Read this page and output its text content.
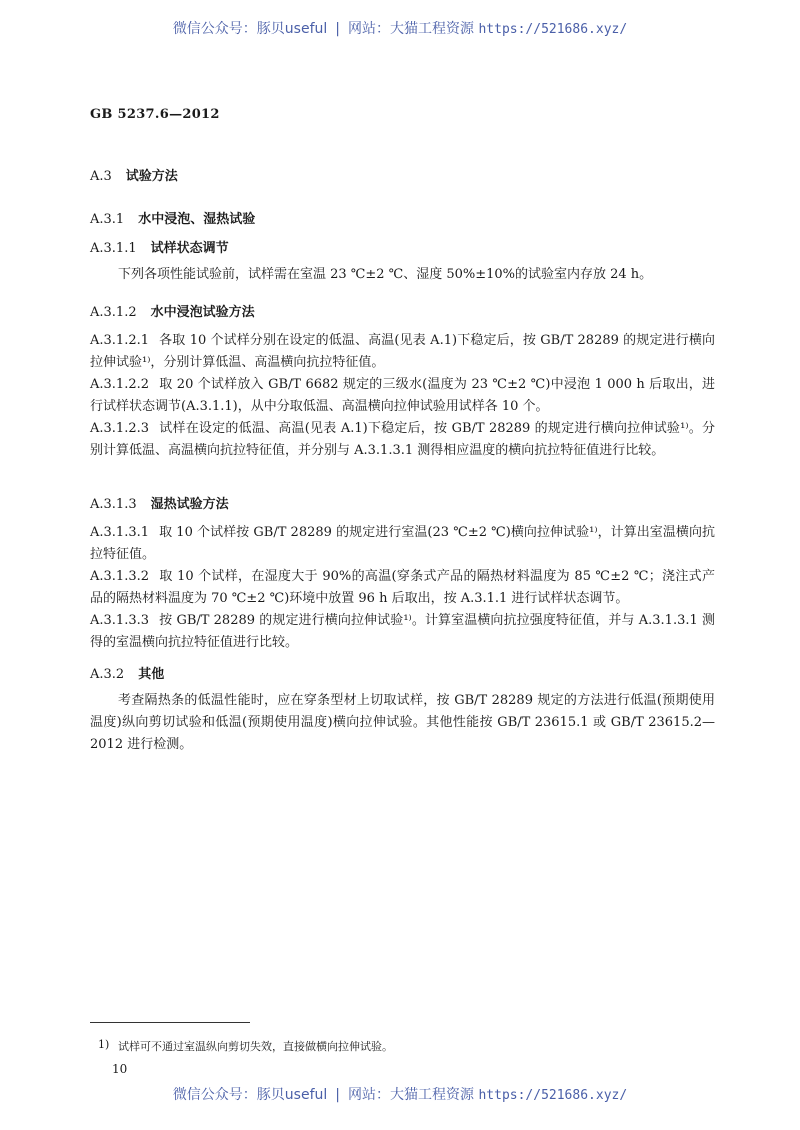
微信公众号：豚贝useful | 网站：大猫工程资源 https://521686.xyz/
GB 5237.6—2012
A.3 试验方法
A.3.1 水中浸泡、湿热试验
A.3.1.1 试样状态调节

下列各项性能试验前，试样需在室温 23 ℃±2 ℃、湿度 50%±10%的试验室内存放 24 h。

A.3.1.2 水中浸泡试验方法

A.3.1.2.1 各取 10 个试样分别在设定的低温、高温(见表 A.1)下稳定后，按 GB/T 28289 的规定进行横向拉伸试验¹⁾，分别计算低温、高温横向抗拉特征值。

A.3.1.2.2 取 20 个试样放入 GB/T 6682 规定的三级水(温度为 23 ℃±2 ℃)中浸泡 1 000 h 后取出，进行试样状态调节(A.3.1.1)，从中分取低温、高温横向拉伸试验用试样各 10 个。

A.3.1.2.3 试样在设定的低温、高温(见表 A.1)下稳定后，按 GB/T 28289 的规定进行横向拉伸试验¹⁾。分别计算低温、高温横向抗拉特征值，并分别与 A.3.1.3.1 测得相应温度的横向抗拉特征值进行比较。

A.3.1.3 湿热试验方法

A.3.1.3.1 取 10 个试样按 GB/T 28289 的规定进行室温(23 ℃±2 ℃)横向拉伸试验¹⁾，计算出室温横向抗拉特征值。

A.3.1.3.2 取 10 个试样，在湿度大于 90%的高温(穿条式产品的隔热材料温度为 85 ℃±2 ℃；浇注式产品的隔热材料温度为 70 ℃±2 ℃)环境中放置 96 h 后取出，按 A.3.1.1 进行试样状态调节。

A.3.1.3.3 按 GB/T 28289 的规定进行横向拉伸试验¹⁾。计算室温横向抗拉强度特征值，并与 A.3.1.3.1 测得的室温横向抗拉特征值进行比较。

A.3.2 其他

考查隔热条的低温性能时，应在穿条型材上切取试样，按 GB/T 28289 规定的方法进行低温(预期使用温度)纵向剪切试验和低温(预期使用温度)横向拉伸试验。其他性能按 GB/T 23615.1 或 GB/T 23615.2—2012 进行检测。

1) 试样可不通过室温纵向剪切失效，直接做横向拉伸试验。
10
微信公众号：豚贝useful | 网站：大猫工程资源 https://521686.xyz/
